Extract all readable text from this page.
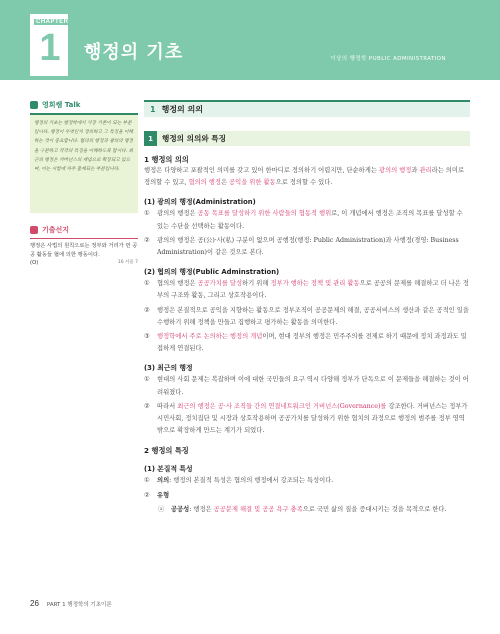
CHAPTER
1 행정의 기초	이상의 행정학 PUBLIC ADMINISTRATION
영희쌤 Talk
행정의 기초는 행정학에서 가장 기본이 되는 부분입니다. 행정이 무엇인지 정의하고 그 특징을 이해하는 것이 중요합니다. 협의의 행정과 광의의 행정을 구분하고 각각의 특징을 이해하도록 합시다. 최근의 행정은 거버넌스의 개념으로 확장되고 있으며, 이는 시험에 자주 출제되는 부분입니다.
기출선지
행정은 사법의 원칙으로는 정부와 거리가 먼 공공 활동들 협에 의한 행동이다.
(O)	16 서울 7
1 행정의 의의
1	행정의 의의와 특징
1 행정의 의의
행정은 다양하고 포괄적인 의미를 갖고 있어 한마디로 정의하기 어렵지만, 단순하게는 광의의 행정과 관리라는 의미로 정의할 수 있고, 협의의 행정은 공익을 위한 활동으로 정의할 수 있다.
(1) 광의의 행정(Administration)
①	광의의 행정은 공동 목표를 달성하기 위한 사람들의 협동적 행위로, 이 개념에서 행정은 조직의 목표를 달성할 수 있는 수단을 선택하는 활동이다.
②	광의의 행정은 공(公)·사(私) 구분이 없으며 공행정(행정: Public Administration)과 사행정(경영: Business Administration)이 같은 것으로 본다.
(2) 협의의 행정(Public Adminstration)
①	협의의 행정은 공공가치를 달성하기 위해 정부가 행하는 정책 및 관리 활동으로 공공의 문제를 해결하고 더 나은 정부의 구조와 활동, 그리고 상호작용이다.
②	행정은 본질적으로 공익을 지향하는 활동으로 정부조직이 공공문제의 해결, 공공서비스의 생산과 같은 공적인 일을 수행하기 위해 정책을 만들고 집행하고 평가하는 활동을 의미한다.
③	행정학에서 주로 논의하는 행정의 개념이며, 현대 정부의 행정은 민주주의를 전제로 하기 때문에 정치 과정과도 밀접하게 연결된다.
(3) 최근의 행정
①	현대의 사회 문제는 복잡하며 이에 대한 국민들의 요구 역시 다양해 정부가 단독으로 이 문제들을 해결하는 것이 어려워졌다.
②	따라서 최근의 행정은 공·사 조직들 간의 연결네트워크인 거버넌스(Governance)를 강조한다. 거버넌스는 정부가 시민사회, 정치집단 및 시장과 상호작용하며 공공가치를 달성하기 위한 협치의 과정으로 행정의 범주를 정부 영역 밖으로 확장하게 만드는 계기가 되었다.
2 행정의 특징
(1) 본질적 특성
①	의의: 행정의 본질적 특성은 협의의 행정에서 강조되는 특성이다.
②	유형
ⓐ	공공성: 행정은 공공문제 해결 및 공공 욕구 충족으로 국민 삶의 질을 증대시키는 것을 목적으로 한다.
26 PART 1 행정학의 기초이론
